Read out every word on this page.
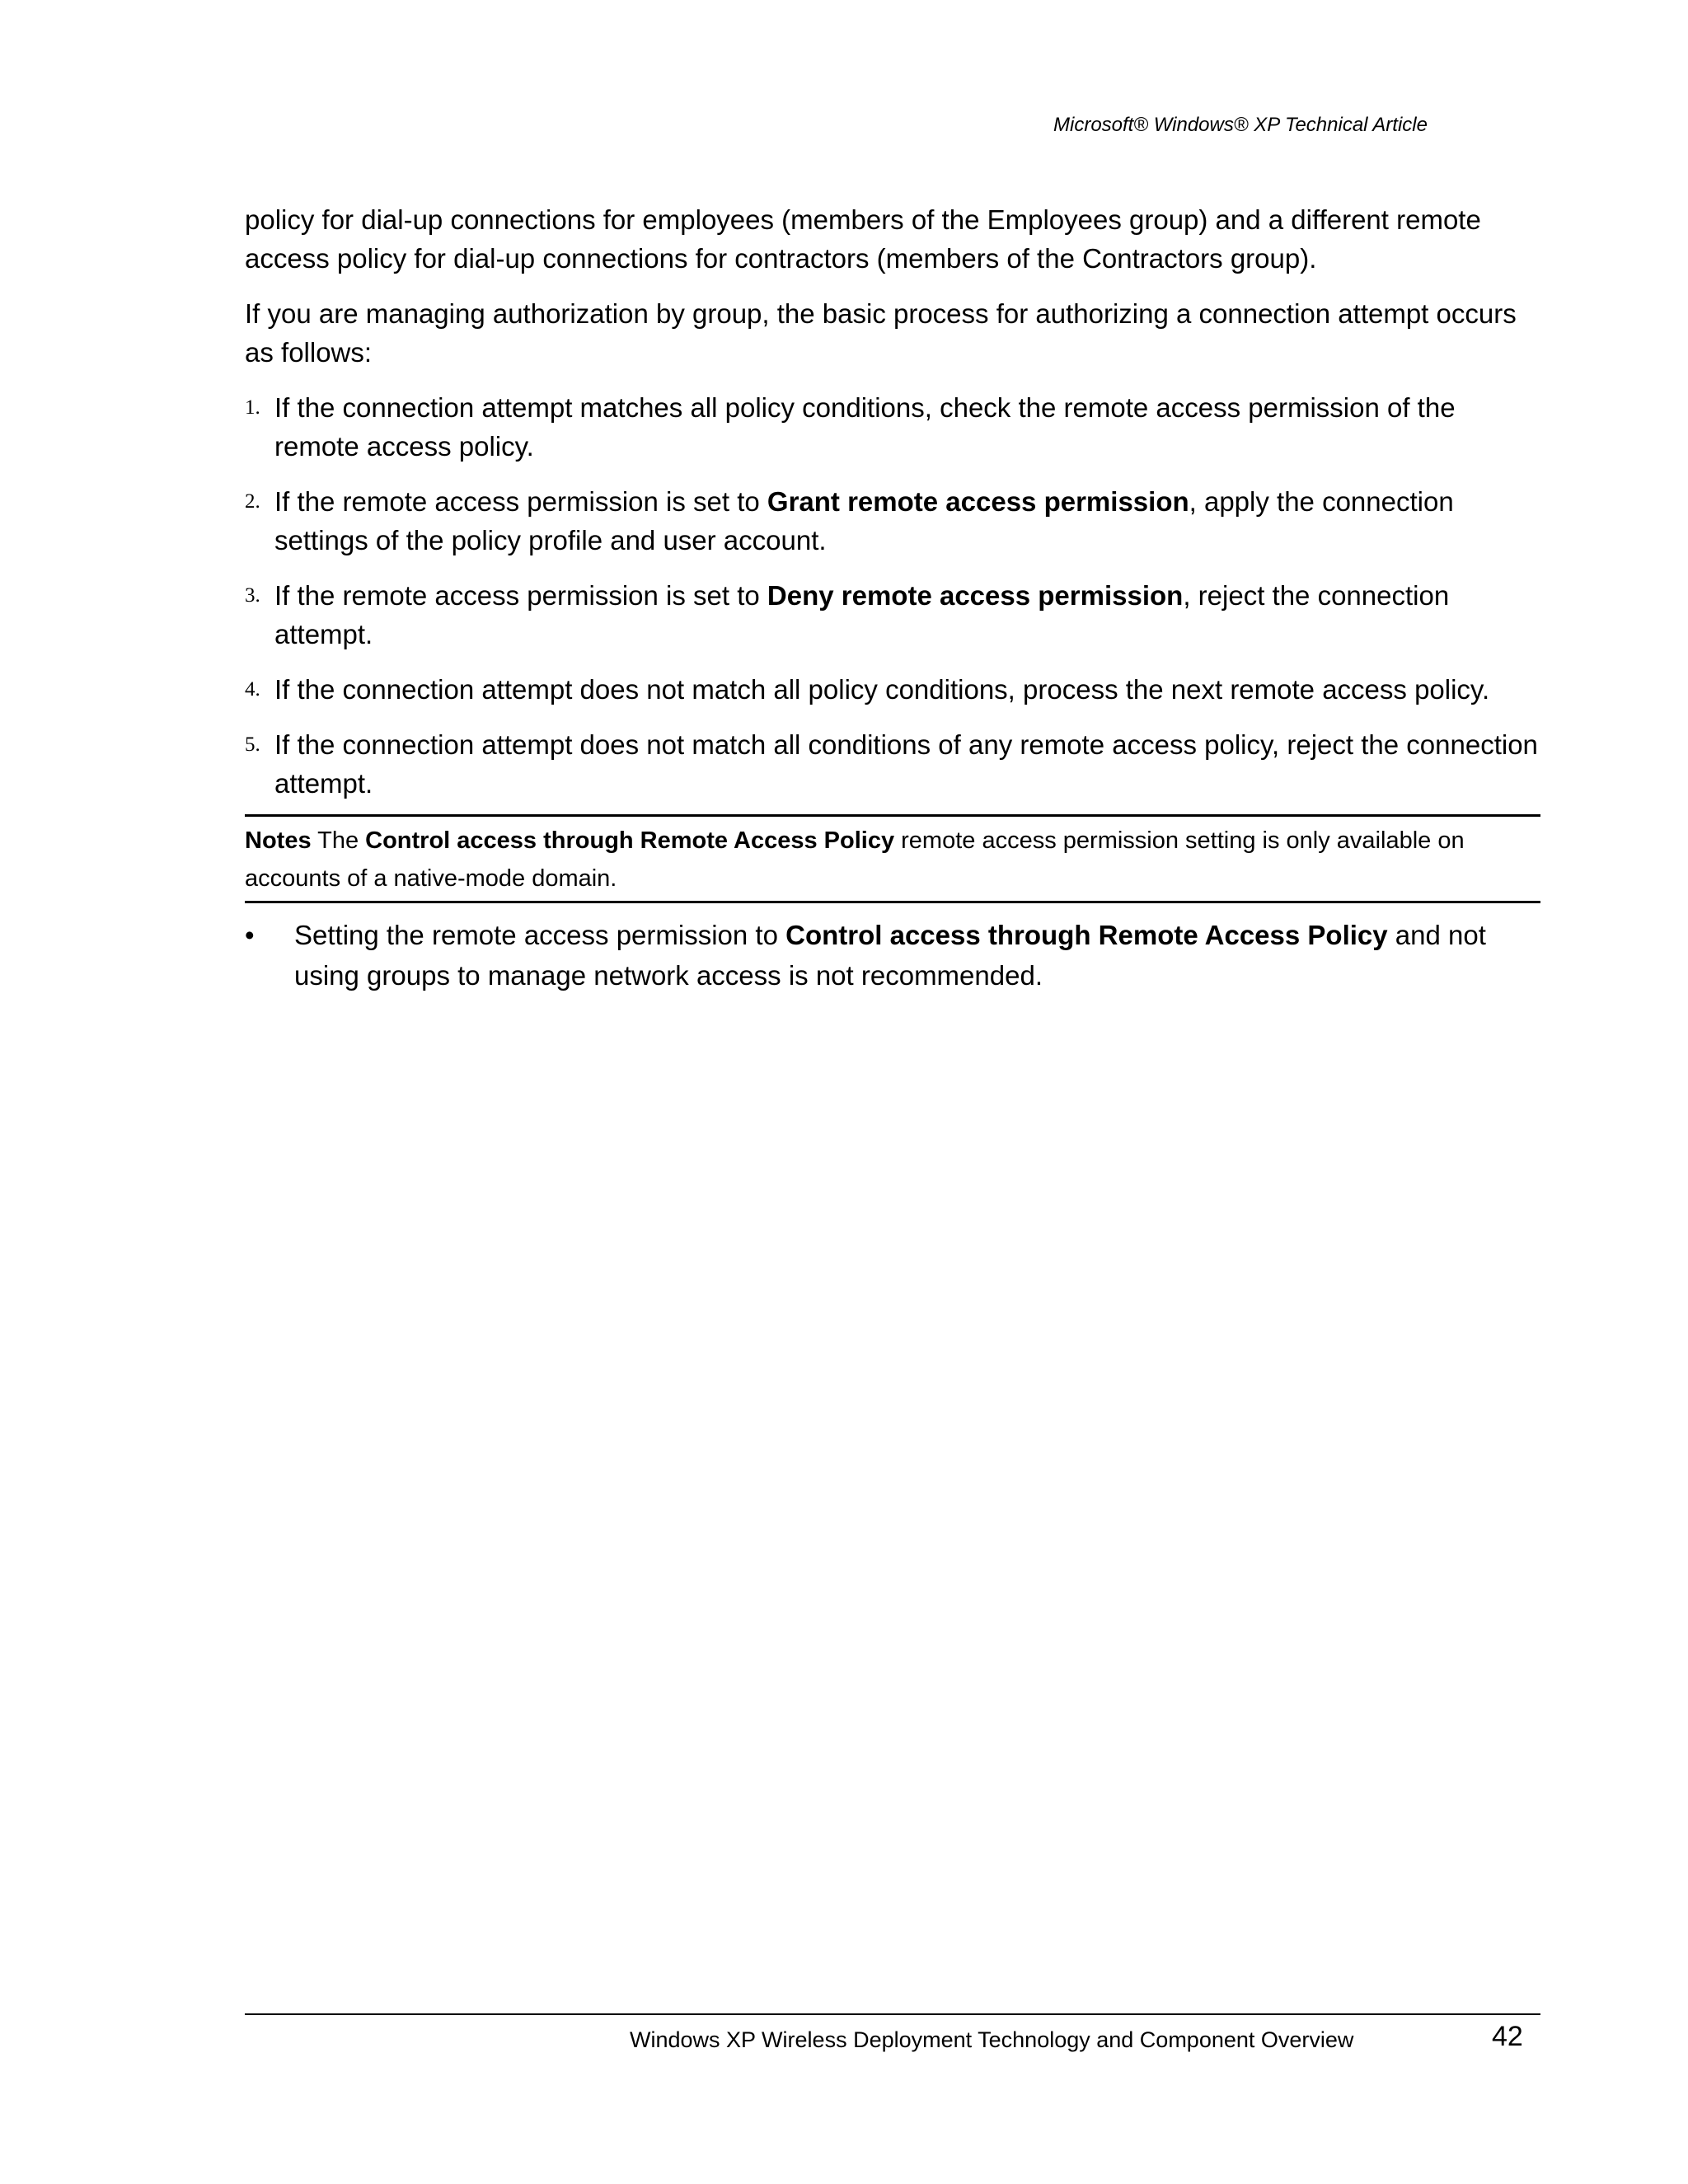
Microsoft® Windows® XP Technical Article

policy for dial-up connections for employees (members of the Employees group) and a different remote access policy for dial-up connections for contractors (members of the Contractors group).

If you are managing authorization by group, the basic process for authorizing a connection attempt occurs as follows:

1. If the connection attempt matches all policy conditions, check the remote access permission of the remote access policy.
2. If the remote access permission is set to Grant remote access permission, apply the connection settings of the policy profile and user account.
3. If the remote access permission is set to Deny remote access permission, reject the connection attempt.
4. If the connection attempt does not match all policy conditions, process the next remote access policy.
5. If the connection attempt does not match all conditions of any remote access policy, reject the connection attempt.
Notes The Control access through Remote Access Policy remote access permission setting is only available on accounts of a native-mode domain.
• Setting the remote access permission to Control access through Remote Access Policy and not using groups to manage network access is not recommended.
Windows XP Wireless Deployment Technology and Component Overview	42
